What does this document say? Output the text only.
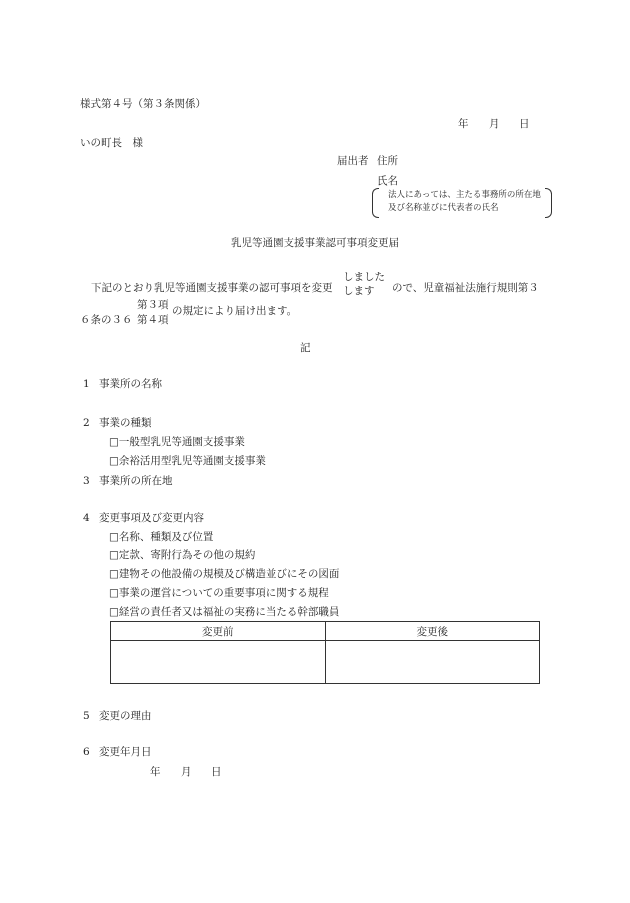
様式第４号（第３条関係）
年 月 日
いの町長　様
届出者 住所
氏名
法人にあっては、主たる事務所の所在地
及び名称並びに代表者の氏名
乳児等通園支援事業認可事項変更届
下記のとおり乳児等通園支援事業の認可事項を変更
しました
します ので、児童福祉法施行規則第３
第３項
６条の３６ 第４項
の規定により届け出ます。
記
1 事業所の名称
2 事業の種類
□一般型乳児等通園支援事業
□余裕活用型乳児等通園支援事業
3 事業所の所在地
4 変更事項及び変更内容
□名称、種類及び位置
□定款、寄附行為その他の規約
□建物その他設備の規模及び構造並びにその図面
□事業の運営についての重要事項に関する規程
□経営の責任者又は福祉の実務に当たる幹部職員
変更前	変更後

5 変更の理由
6 変更年月日
年 月 日
